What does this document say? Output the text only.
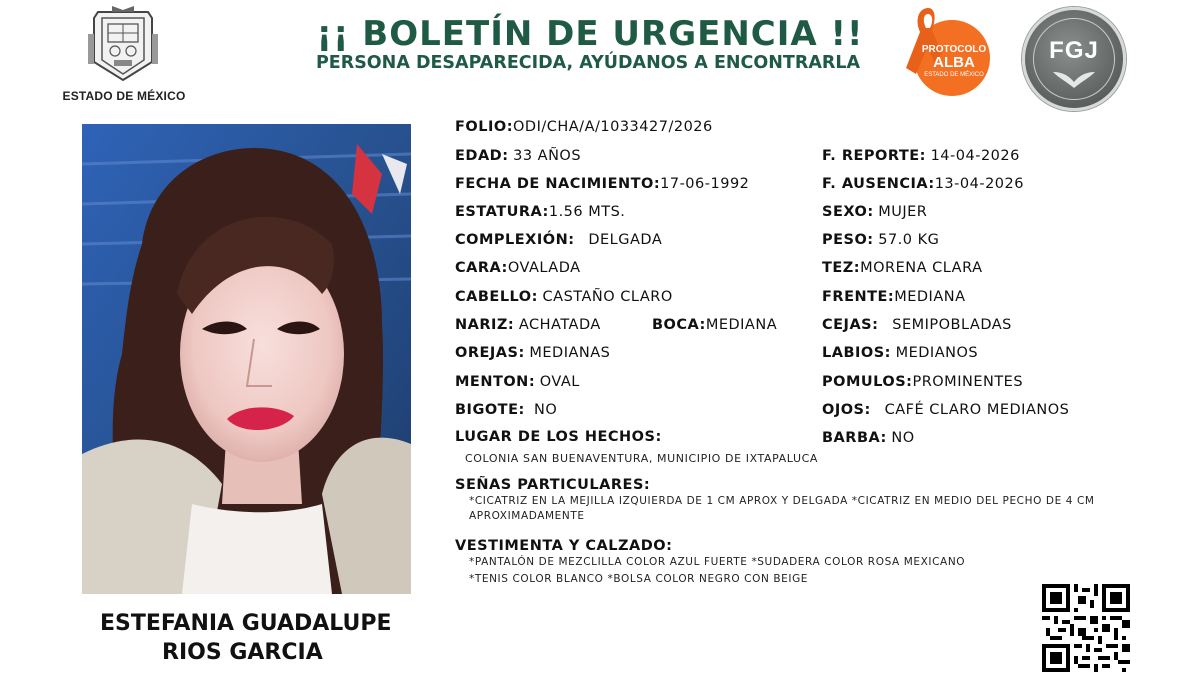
ESTADO DE MÉXICO
¡¡ BOLETÍN DE URGENCIA !!
PERSONA DESAPARECIDA, AYÚDANOS A ENCONTRARLA
PROTOCOLO
ALBA
ESTADO DE MÉXICO
FGJ
ESTEFANIA GUADALUPE
RIOS GARCIA
FOLIO:ODI/CHA/A/1033427/2026
EDAD: 33 AÑOS
FECHA DE NACIMIENTO:17-06-1992
ESTATURA:1.56 MTS.
COMPLEXIÓN: DELGADA
CARA:OVALADA
CABELLO: CASTAÑO CLARO
NARIZ: ACHATADA	BOCA:MEDIANA
OREJAS: MEDIANAS
MENTON: OVAL
BIGOTE: NO
F. REPORTE: 14-04-2026
F. AUSENCIA:13-04-2026
SEXO: MUJER
PESO: 57.0 KG
TEZ:MORENA CLARA
FRENTE:MEDIANA
CEJAS: SEMIPOBLADAS
LABIOS: MEDIANOS
POMULOS:PROMINENTES
OJOS: CAFÉ CLARO MEDIANOS
BARBA: NO
LUGAR DE LOS HECHOS:
COLONIA SAN BUENAVENTURA, MUNICIPIO DE IXTAPALUCA
SEÑAS PARTICULARES:
*CICATRIZ EN LA MEJILLA IZQUIERDA DE 1 CM APROX Y DELGADA *CICATRIZ EN MEDIO DEL PECHO DE 4 CM
APROXIMADAMENTE
VESTIMENTA Y CALZADO:
*PANTALÓN DE MEZCLILLA COLOR AZUL FUERTE *SUDADERA COLOR ROSA MEXICANO
*TENIS COLOR BLANCO *BOLSA COLOR NEGRO CON BEIGE
